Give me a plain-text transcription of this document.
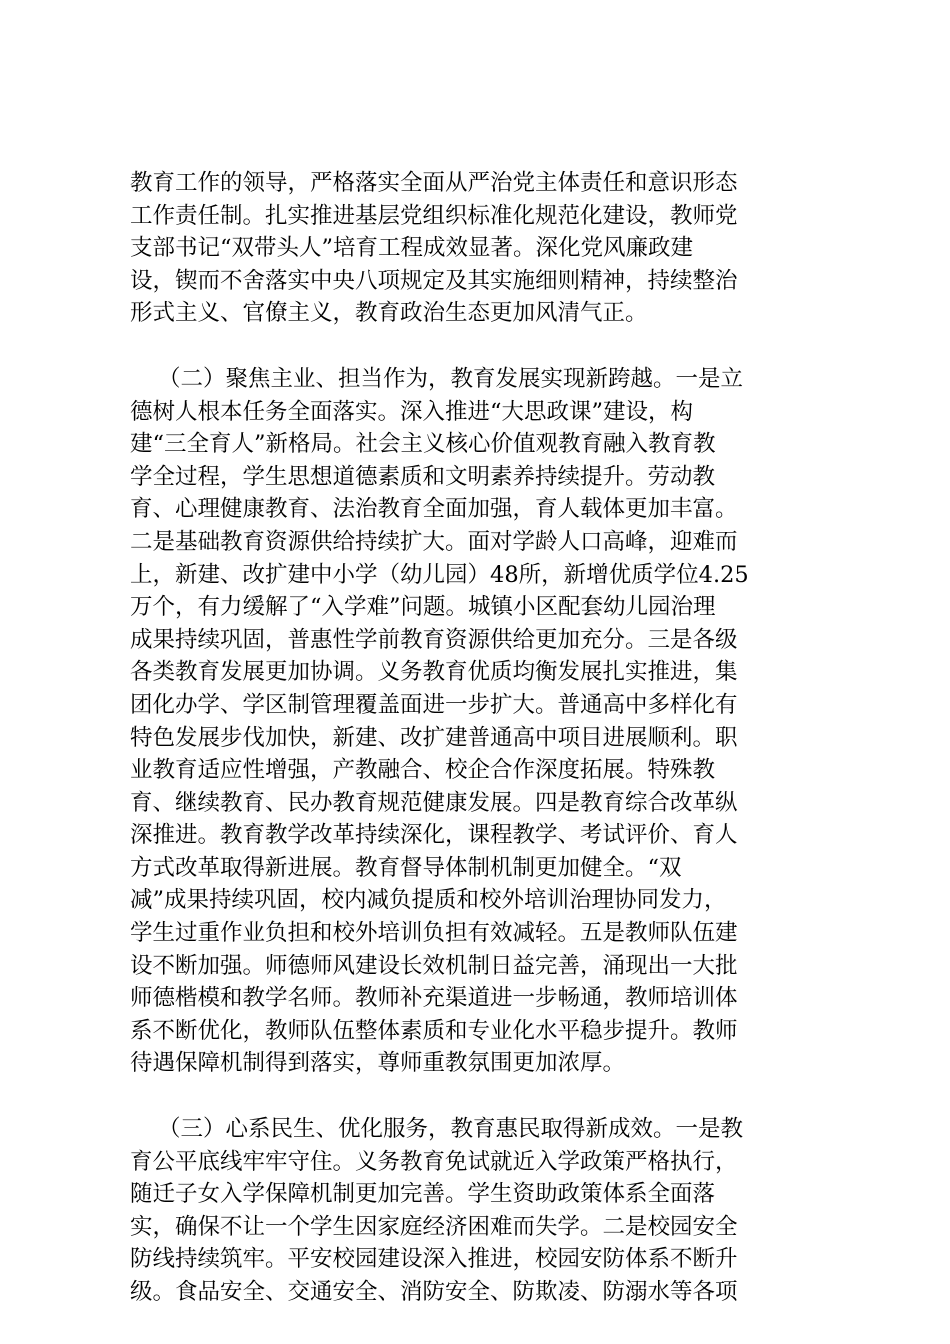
教育工作的领导，严格落实全面从严治党主体责任和意识形态
工作责任制。扎实推进基层党组织标准化规范化建设，教师党
支部书记“双带头人”培育工程成效显著。深化党风廉政建
设，锲而不舍落实中央八项规定及其实施细则精神，持续整治
形式主义、官僚主义，教育政治生态更加风清气正。
（二）聚焦主业、担当作为，教育发展实现新跨越。一是立
德树人根本任务全面落实。深入推进“大思政课”建设，构
建“三全育人”新格局。社会主义核心价值观教育融入教育教
学全过程，学生思想道德素质和文明素养持续提升。劳动教
育、心理健康教育、法治教育全面加强，育人载体更加丰富。
二是基础教育资源供给持续扩大。面对学龄人口高峰，迎难而
上，新建、改扩建中小学（幼儿园）48所，新增优质学位4.25
万个，有力缓解了“入学难”问题。城镇小区配套幼儿园治理
成果持续巩固，普惠性学前教育资源供给更加充分。三是各级
各类教育发展更加协调。义务教育优质均衡发展扎实推进，集
团化办学、学区制管理覆盖面进一步扩大。普通高中多样化有
特色发展步伐加快，新建、改扩建普通高中项目进展顺利。职
业教育适应性增强，产教融合、校企合作深度拓展。特殊教
育、继续教育、民办教育规范健康发展。四是教育综合改革纵
深推进。教育教学改革持续深化，课程教学、考试评价、育人
方式改革取得新进展。教育督导体制机制更加健全。“双
减”成果持续巩固，校内减负提质和校外培训治理协同发力，
学生过重作业负担和校外培训负担有效减轻。五是教师队伍建
设不断加强。师德师风建设长效机制日益完善，涌现出一大批
师德楷模和教学名师。教师补充渠道进一步畅通，教师培训体
系不断优化，教师队伍整体素质和专业化水平稳步提升。教师
待遇保障机制得到落实，尊师重教氛围更加浓厚。
（三）心系民生、优化服务，教育惠民取得新成效。一是教
育公平底线牢牢守住。义务教育免试就近入学政策严格执行，
随迁子女入学保障机制更加完善。学生资助政策体系全面落
实，确保不让一个学生因家庭经济困难而失学。二是校园安全
防线持续筑牢。平安校园建设深入推进，校园安防体系不断升
级。食品安全、交通安全、消防安全、防欺凌、防溺水等各项
